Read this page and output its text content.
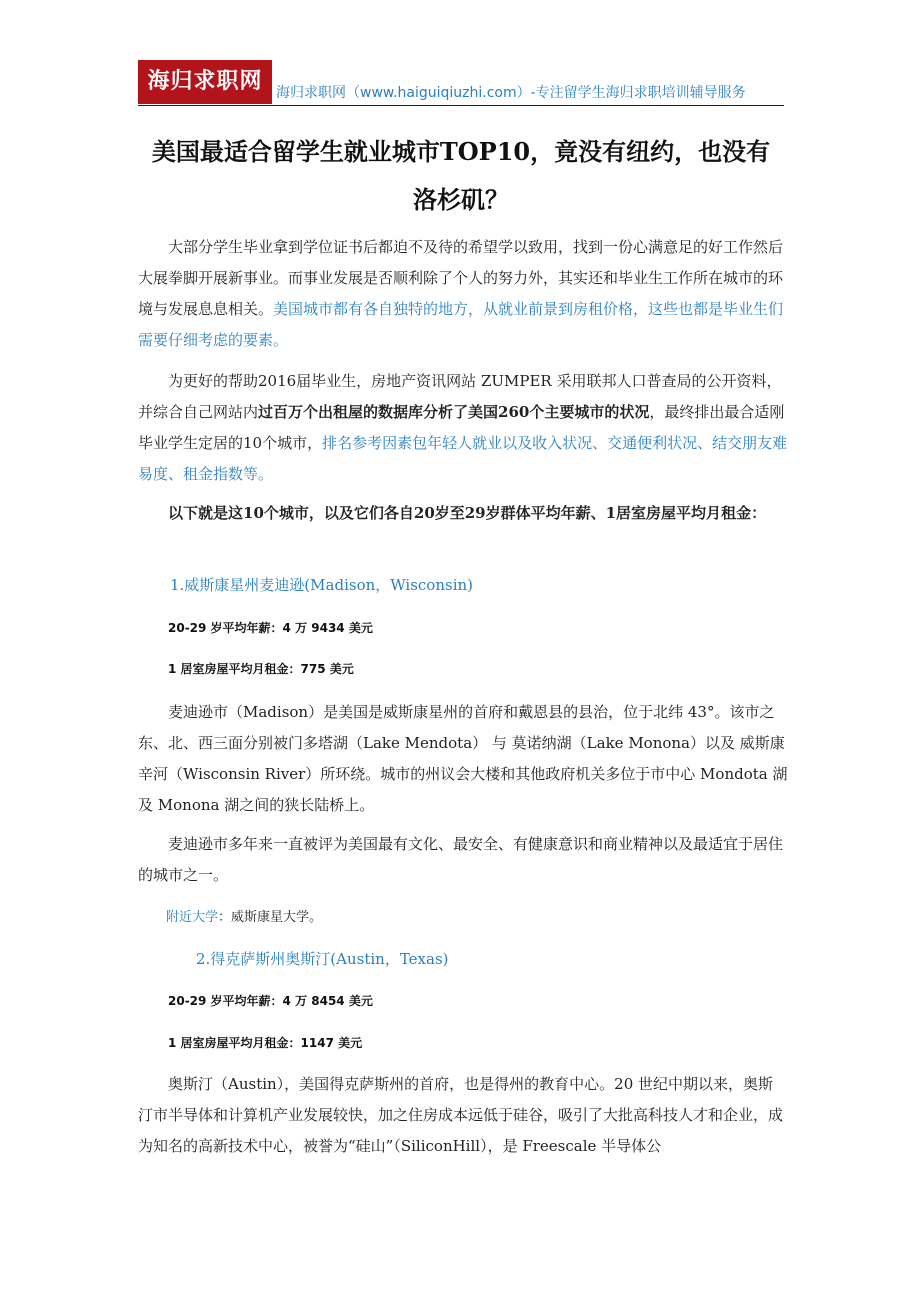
海归求职网 海归求职网（www.haiguiqiuzhi.com）-专注留学生海归求职培训辅导服务
美国最适合留学生就业城市TOP10，竟没有纽约，也没有
洛杉矶？
大部分学生毕业拿到学位证书后都迫不及待的希望学以致用，找到一份心满意足的好工作然后大展拳脚开展新事业。而事业发展是否顺利除了个人的努力外，其实还和毕业生工作所在城市的环境与发展息息相关。美国城市都有各自独特的地方，从就业前景到房租价格，这些也都是毕业生们需要仔细考虑的要素。
为更好的帮助2016届毕业生，房地产资讯网站 ZUMPER 采用联邦人口普查局的公开资料，并综合自己网站内过百万个出租屋的数据库分析了美国260个主要城市的状况，最终排出最合适刚毕业学生定居的10个城市，排名参考因素包年轻人就业以及收入状况、交通便利状况、结交朋友难易度、租金指数等。
以下就是这10个城市，以及它们各自20岁至29岁群体平均年薪、1居室房屋平均月租金：
1.威斯康星州麦迪逊(Madison，Wisconsin)
20-29 岁平均年薪：4 万 9434 美元
1 居室房屋平均月租金：775 美元
麦迪逊市（Madison）是美国是威斯康星州的首府和戴恩县的县治，位于北纬 43°。该市之东、北、西三面分别被门多塔湖（Lake Mendota） 与 莫诺纳湖（Lake Monona）以及 威斯康辛河（Wisconsin River）所环绕。城市的州议会大楼和其他政府机关多位于市中心 Mondota 湖及 Monona 湖之间的狭长陆桥上。
麦迪逊市多年来一直被评为美国最有文化、最安全、有健康意识和商业精神以及最适宜于居住的城市之一。
附近大学：威斯康星大学。
2.得克萨斯州奥斯汀(Austin，Texas)
20-29 岁平均年薪：4 万 8454 美元
1 居室房屋平均月租金：1147 美元
奥斯汀（Austin），美国得克萨斯州的首府，也是得州的教育中心。20 世纪中期以来，奥斯汀市半导体和计算机产业发展较快，加之住房成本远低于硅谷，吸引了大批高科技人才和企业，成为知名的高新技术中心，被誉为“硅山”（SiliconHill），是 Freescale 半导体公
